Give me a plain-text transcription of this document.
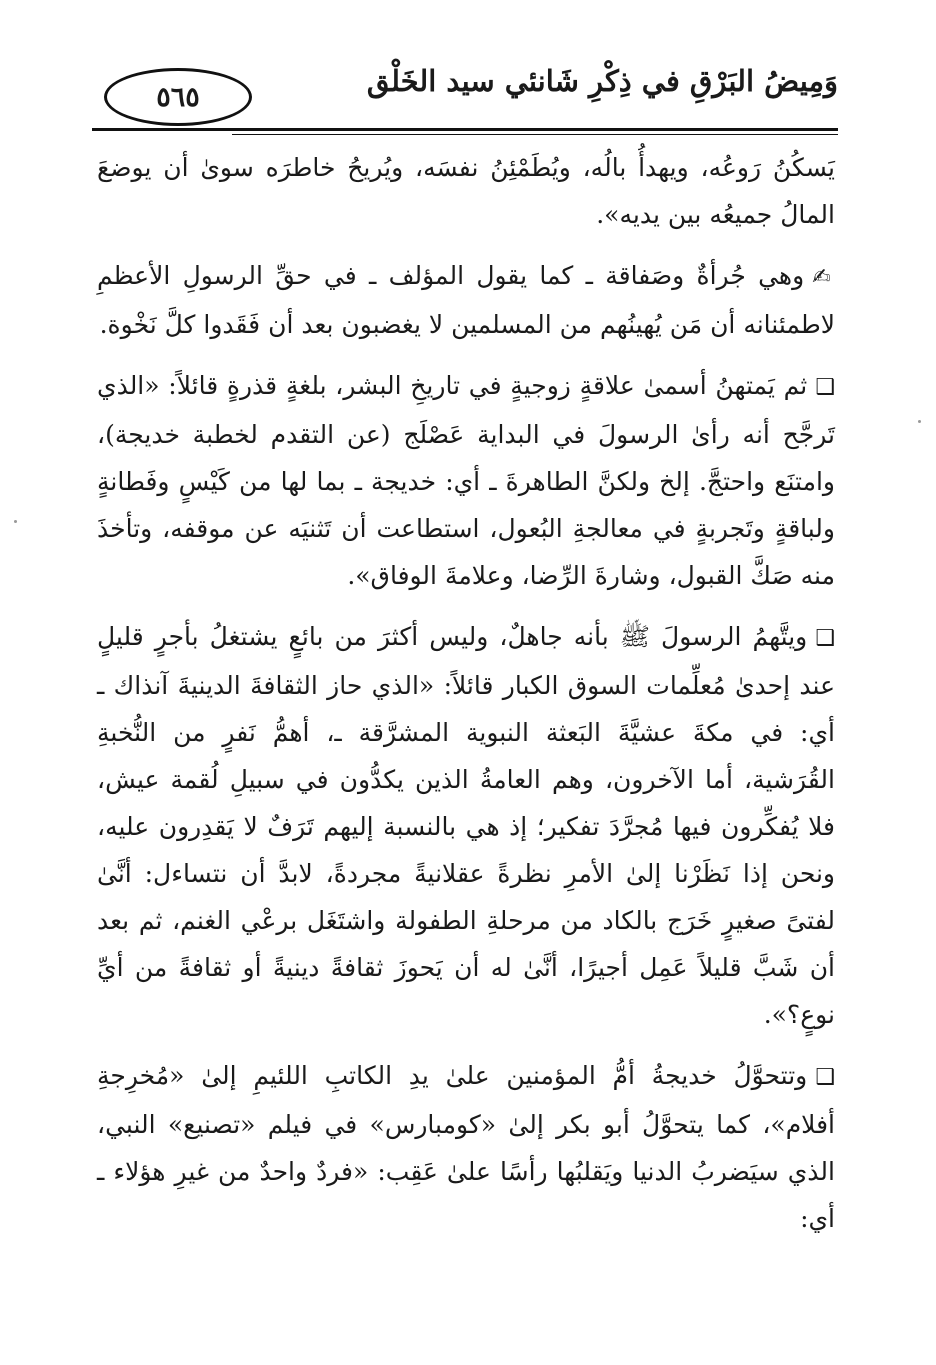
وَمِيضُ البَرْقِ في ذِكْرِ شَانئي سيد الخَلْق
٥٦٥

يَسكُنُ رَوعُه، ويهدأُ بالُه، ويُطَمْئِنُ نفسَه، ويُريحُ خاطرَه سوىٰ أن يوضعَ المالُ جميعُه بين يديه».

✍وهي جُرأةٌ وصَفاقة ـ كما يقول المؤلف ـ في حقِّ الرسولِ الأعظمِ لاطمئنانه أن مَن يُهينُهم من المسلمين لا يغضبون بعد أن فَقَدوا كلَّ نَخْوة.

❑ثم يَمتهنُ أسمىٰ علاقةٍ زوجيةٍ في تاريخِ البشر، بلغةٍ قذرةٍ قائلاً: «الذي تَرجَّح أنه رأىٰ الرسولَ في البداية عَصْلَج (عن التقدم لخطبة خديجة)، وامتنَع واحتجَّ. إلخ ولكنَّ الطاهرةَ ـ أي: خديجة ـ بما لها من كَيْسٍ وفَطانةٍ ولباقةٍ وتَجربةٍ في معالجةِ البُعول، استطاعت أن تَثنيَه عن موقفه، وتأخذَ منه صَكَّ القبول، وشارةَ الرِّضا، وعلامةَ الوفاق».

❑ويتَّهمُ الرسولَ ﷺ بأنه جاهلٌ، وليس أكثرَ من بائعٍ يشتغلُ بأجرٍ قليلٍ عند إحدىٰ مُعلِّمات السوق الكبار قائلاً: «الذي حاز الثقافةَ الدينيةَ آنذاك ـ أي: في مكةَ عشيَّةَ البَعثة النبوية المشرَّقة ـ، أهمُّ نَفرٍ من النُّخبةِ القُرَشية، أما الآخرون، وهم العامةُ الذين يكدُّون في سبيلِ لُقمة عيش، فلا يُفكِّرون فيها مُجرَّدَ تفكير؛ إذ هي بالنسبة إليهم تَرَفٌ لا يَقدِرون عليه، ونحن إذا نَظَرْنا إلىٰ الأمرِ نظرةً عقلانيةً مجردةً، لابدَّ أن نتساءل: أنَّىٰ لفتىً صغيرٍ خَرَج بالكاد من مرحلةِ الطفولة واشتَغَل برعْي الغنم، ثم بعد أن شَبَّ قليلاً عَمِل أجيرًا، أنَّىٰ له أن يَحوزَ ثقافةً دينيةً أو ثقافةً من أيِّ نوعٍ؟».

❑وتتحوَّلُ خديجةُ أمُّ المؤمنين علىٰ يدِ الكاتبِ اللئيمِ إلىٰ «مُخرِجةِ أفلام»، كما يتحوَّلُ أبو بكر إلىٰ «كومبارس» في فيلم «تصنيع» النبي، الذي سيَضربُ الدنيا ويَقلبُها رأسًا علىٰ عَقِب: «فردٌ واحدٌ من غيرِ هؤلاء ـ أي:
